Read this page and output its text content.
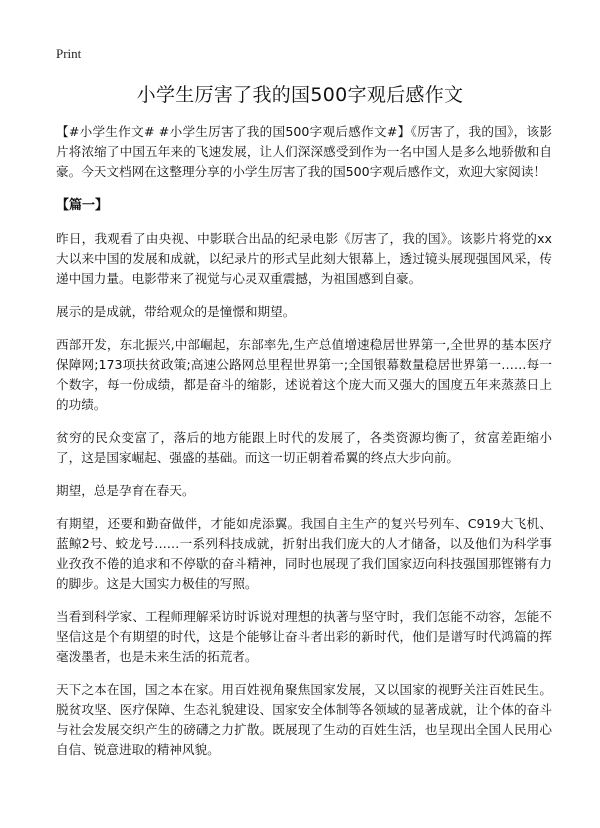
Print
小学生厉害了我的国500字观后感作文

【#小学生作文# #小学生厉害了我的国500字观后感作文#】《厉害了，我的国》，该影片将浓缩了中国五年来的飞速发展，让人们深深感受到作为一名中国人是多么地骄傲和自豪。今天文档网在这整理分享的小学生厉害了我的国500字观后感作文，欢迎大家阅读！

【篇一】

昨日，我观看了由央视、中影联合出品的纪录电影《厉害了，我的国》。该影片将党的xx大以来中国的发展和成就，以纪录片的形式呈此刻大银幕上，透过镜头展现强国风采，传递中国力量。电影带来了视觉与心灵双重震撼，为祖国感到自豪。

展示的是成就，带给观众的是憧憬和期望。

西部开发，东北振兴,中部崛起，东部率先,生产总值增速稳居世界第一,全世界的基本医疗保障网;173项扶贫政策;高速公路网总里程世界第一;全国银幕数量稳居世界第一……每一个数字，每一份成绩，都是奋斗的缩影，述说着这个庞大而又强大的国度五年来蒸蒸日上的功绩。

贫穷的民众变富了，落后的地方能跟上时代的发展了，各类资源均衡了，贫富差距缩小了，这是国家崛起、强盛的基础。而这一切正朝着希翼的终点大步向前。

期望，总是孕育在春天。

有期望，还要和勤奋做伴，才能如虎添翼。我国自主生产的复兴号列车、C919大飞机、蓝鲸2号、蛟龙号……一系列科技成就，折射出我们庞大的人才储备，以及他们为科学事业孜孜不倦的追求和不停歇的奋斗精神，同时也展现了我们国家迈向科技强国那铿锵有力的脚步。这是大国实力极佳的写照。

当看到科学家、工程师理解采访时诉说对理想的执著与坚守时，我们怎能不动容，怎能不坚信这是个有期望的时代，这是个能够让奋斗者出彩的新时代，他们是谱写时代鸿篇的挥毫泼墨者，也是未来生活的拓荒者。

天下之本在国，国之本在家。用百姓视角聚焦国家发展，又以国家的视野关注百姓民生。脱贫攻坚、医疗保障、生态礼貌建设、国家安全体制等各领域的显著成就，让个体的奋斗与社会发展交织产生的磅礴之力扩散。既展现了生动的百姓生活，也呈现出全国人民用心自信、锐意进取的精神风貌。
